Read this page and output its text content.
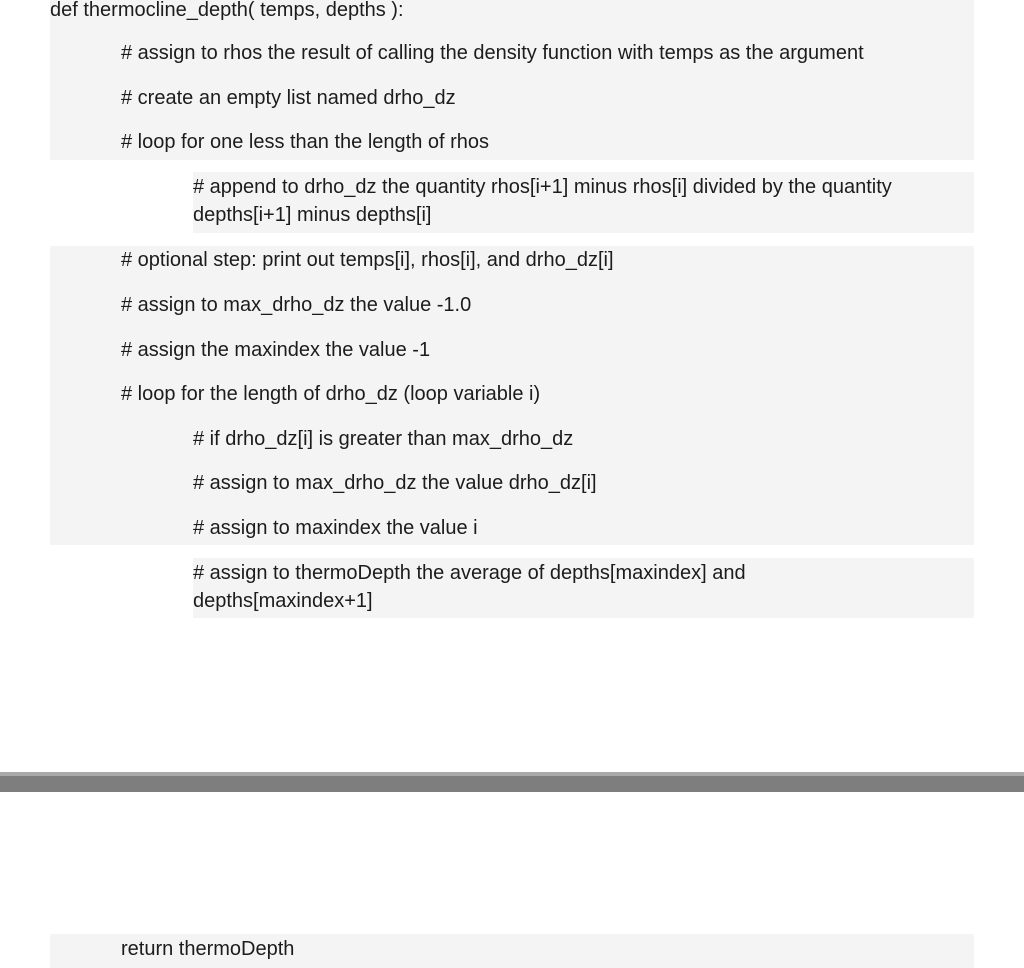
def thermocline_depth( temps, depths ):

# assign to rhos the result of calling the density function with temps as the argument

# create an empty list named drho_dz

# loop for one less than the length of rhos

# append to drho_dz the quantity rhos[i+1] minus rhos[i] divided by the quantity depths[i+1] minus depths[i]

# optional step: print out temps[i], rhos[i], and drho_dz[i]

# assign to max_drho_dz the value -1.0

# assign the maxindex the value -1

# loop for the length of drho_dz (loop variable i)

# if drho_dz[i] is greater than max_drho_dz

# assign to max_drho_dz the value drho_dz[i]

# assign to maxindex the value i

# assign to thermoDepth the average of depths[maxindex] and depths[maxindex+1]

return thermoDepth
